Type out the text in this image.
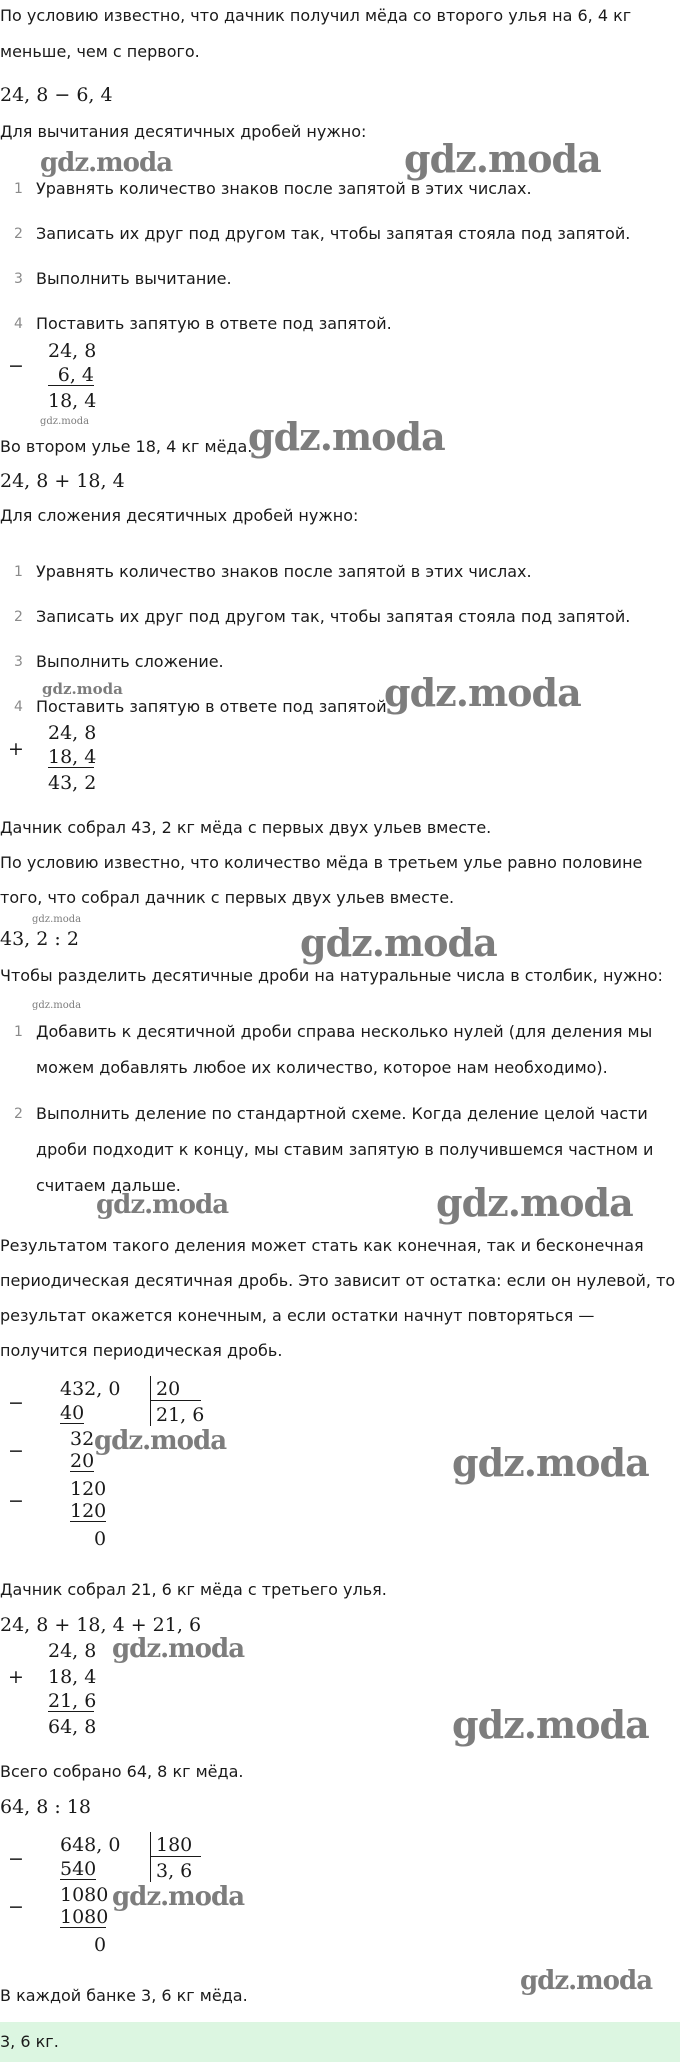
По условию известно, что дачник получил мёда со второго улья на 6, 4 кг
меньше, чем с первого.
24, 8 − 6, 4
Для вычитания десятичных дробей нужно:
gdz.moda	gdz.moda
1 Уравнять количество знаков после запятой в этих числах.
2 Записать их друг под другом так, чтобы запятая стояла под запятой.
3 Выполнить вычитание.
4 Поставить запятую в ответе под запятой.
−
24, 8
6, 4
18, 4
Во втором улье 18, 4 кг мёда.
gdz.moda	gdz.moda
24, 8 + 18, 4
Для сложения десятичных дробей нужно:
1 Уравнять количество знаков после запятой в этих числах.
2 Записать их друг под другом так, чтобы запятая стояла под запятой.
3 Выполнить сложение.
4 Поставить запятую в ответе под запятой.
gdz.moda	gdz.moda
+
24, 8
18, 4
43, 2
Дачник собрал 43, 2 кг мёда с первых двух ульев вместе.
По условию известно, что количество мёда в третьем улье равно половине
того, что собрал дачник с первых двух ульев вместе.
gdz.moda
43, 2 : 2	gdz.moda
Чтобы разделить десятичные дроби на натуральные числа в столбик, нужно:
gdz.moda
1 Добавить к десятичной дроби справа несколько нулей (для деления мы
можем добавлять любое их количество, которое нам необходимо).
2 Выполнить деление по стандартной схеме. Когда деление целой части
дроби подходит к концу, мы ставим запятую в получившемся частном и
считаем дальше.
gdz.moda	gdz.moda
Результатом такого деления может стать как конечная, так и бесконечная
периодическая десятичная дробь. Это зависит от остатка: если он нулевой, то
результат окажется конечным, а если остатки начнут повторяться —
получится периодическая дробь.
−
−
−
432, 0 20
21, 6
40
32
20
120
120
0
gdz.moda	gdz.moda
Дачник собрал 21, 6 кг мёда с третьего улья.
24, 8 + 18, 4 + 21, 6
+
24, 8
18, 4
21, 6
64, 8
gdz.moda
gdz.moda
Всего собрано 64, 8 кг мёда.
64, 8 : 18
−
−
648, 0 180
3, 6
540
1080
1080
0
gdz.moda
В каждой банке 3, 6 кг мёда.	gdz.moda
3, 6 кг.
